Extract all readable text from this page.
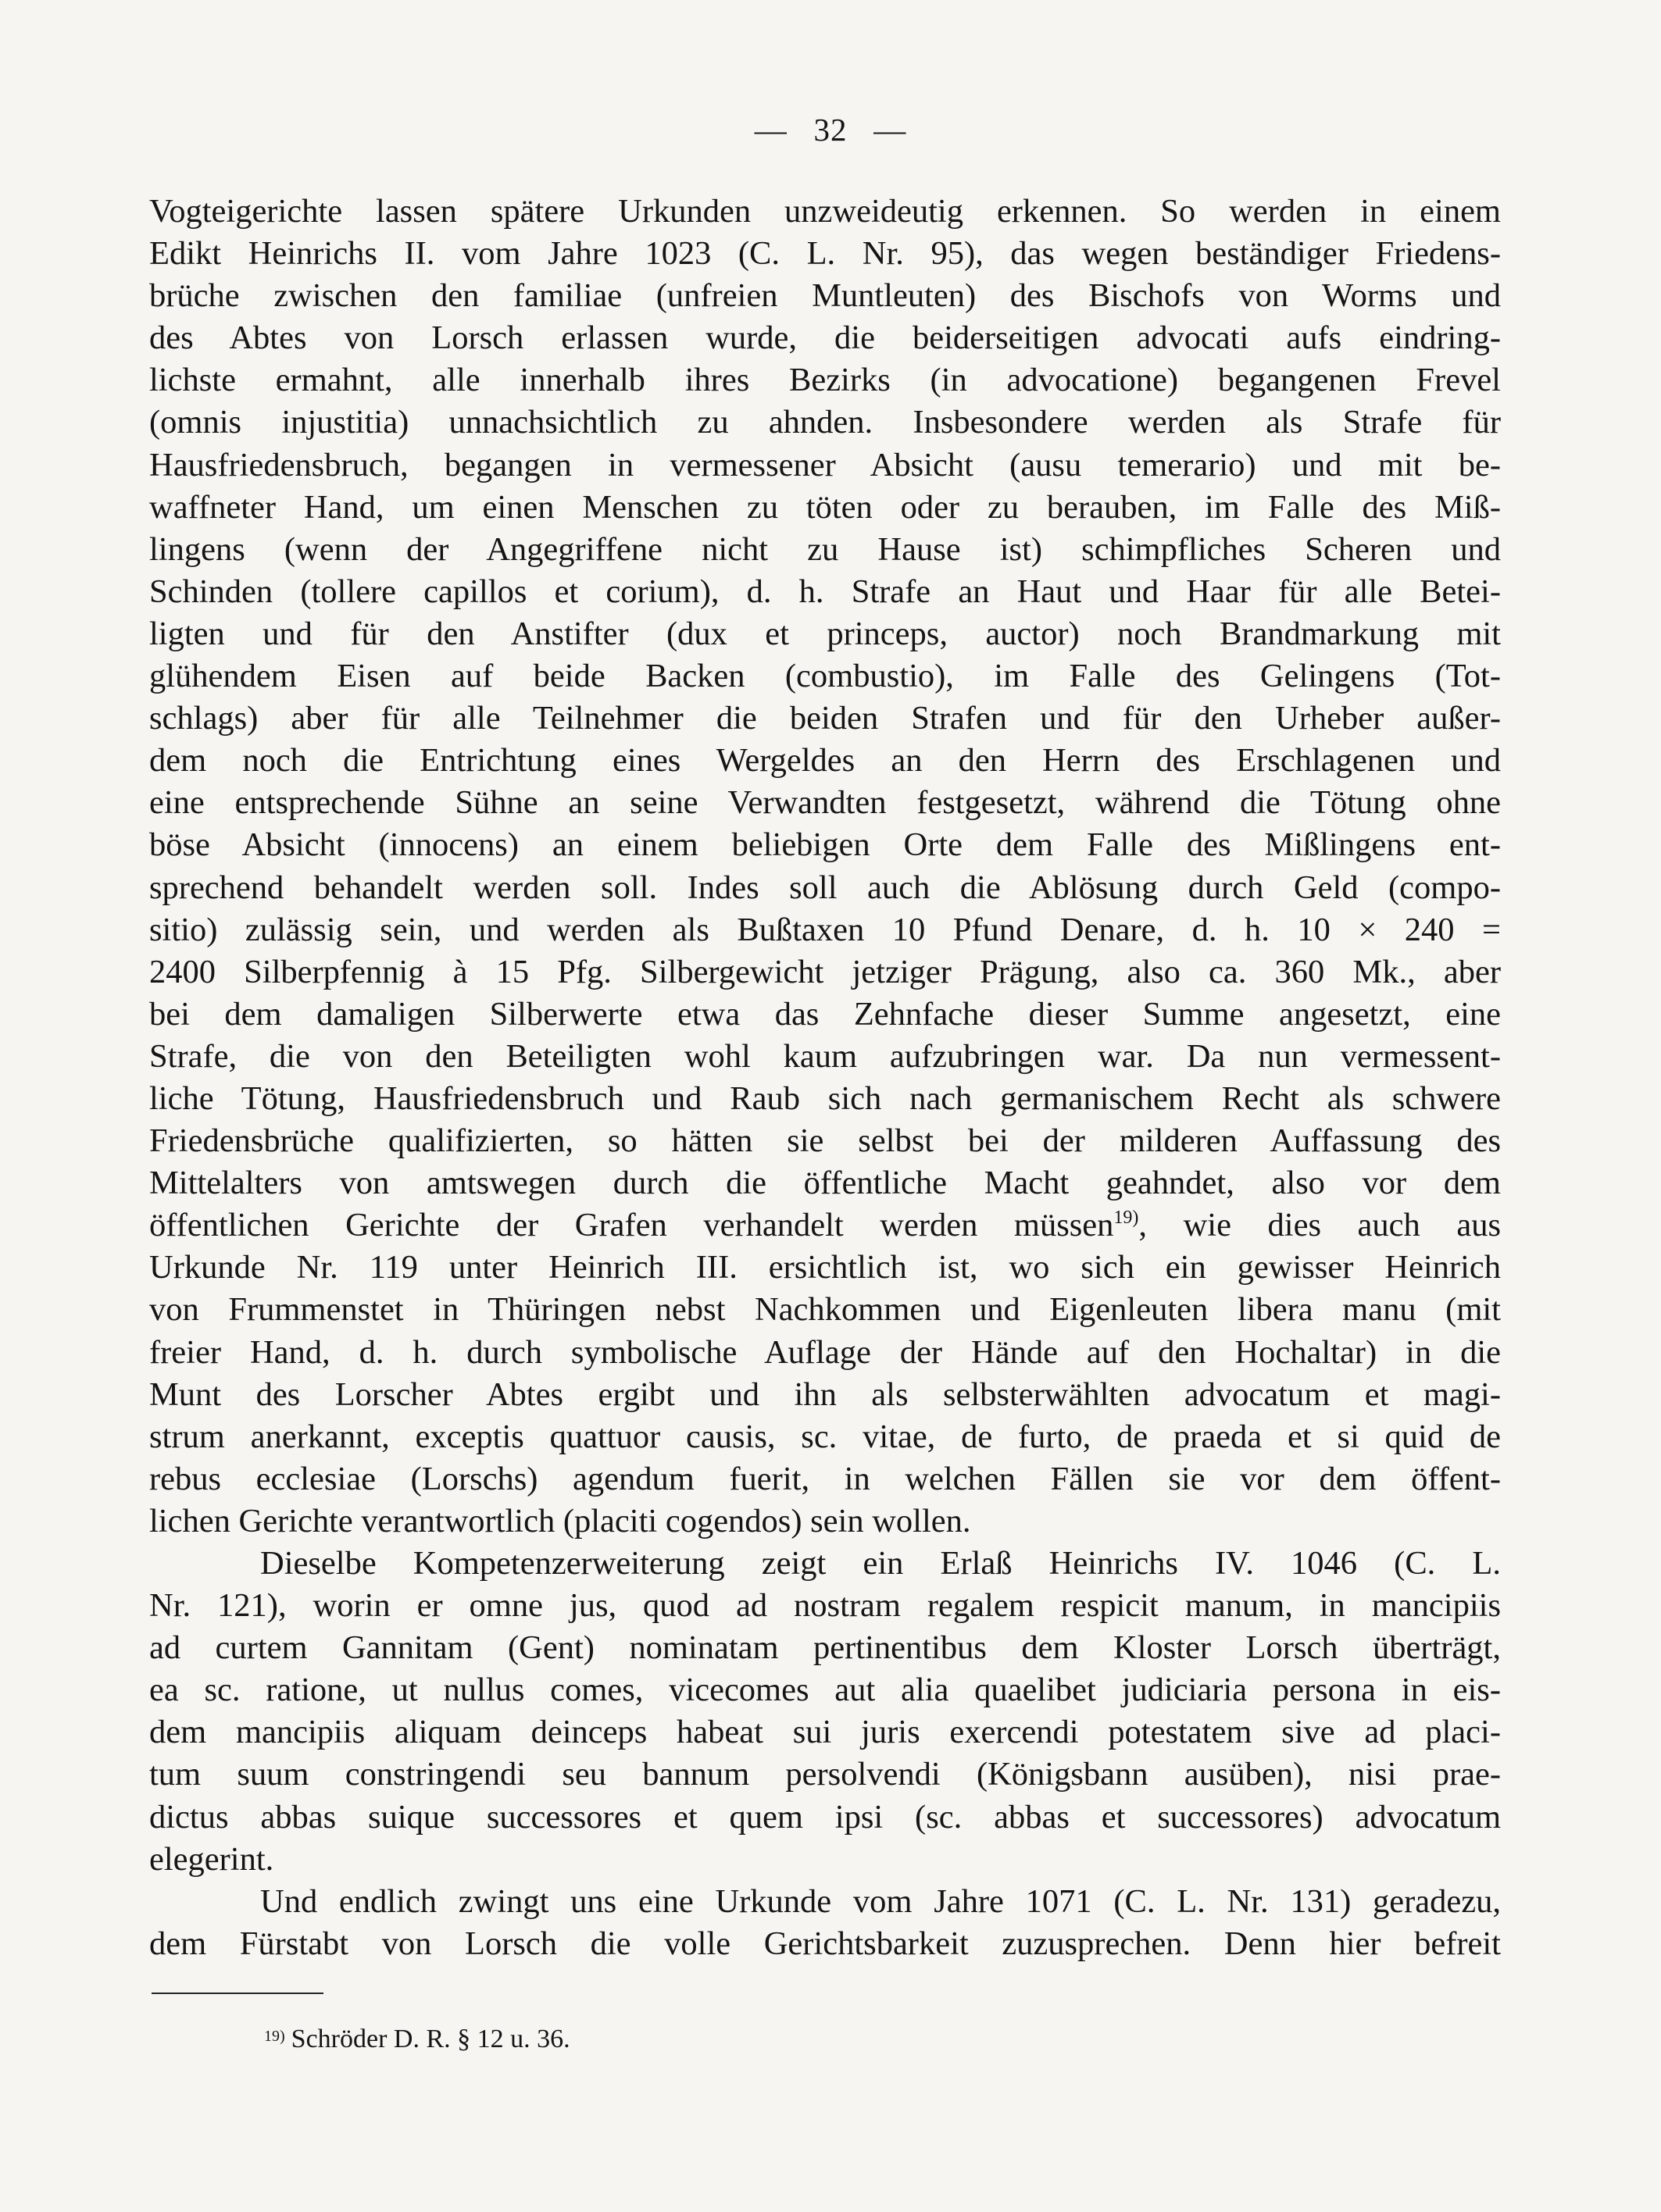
—   32   —
Vogteigerichte lassen spätere Urkunden unzweideutig erkennen. So werden in einem
Edikt Heinrichs II. vom Jahre 1023 (C. L. Nr. 95), das wegen beständiger Friedens-
brüche zwischen den familiae (unfreien Muntleuten) des Bischofs von Worms und
des Abtes von Lorsch erlassen wurde, die beiderseitigen advocati aufs eindring-
lichste ermahnt, alle innerhalb ihres Bezirks (in advocatione) begangenen Frevel
(omnis injustitia) unnachsichtlich zu ahnden. Insbesondere werden als Strafe für
Hausfriedensbruch, begangen in vermessener Absicht (ausu temerario) und mit be-
waffneter Hand, um einen Menschen zu töten oder zu berauben, im Falle des Miß-
lingens (wenn der Angegriffene nicht zu Hause ist) schimpfliches Scheren und
Schinden (tollere capillos et corium), d. h. Strafe an Haut und Haar für alle Betei-
ligten und für den Anstifter (dux et princeps, auctor) noch Brandmarkung mit
glühendem Eisen auf beide Backen (combustio), im Falle des Gelingens (Tot-
schlags) aber für alle Teilnehmer die beiden Strafen und für den Urheber außer-
dem noch die Entrichtung eines Wergeldes an den Herrn des Erschlagenen und
eine entsprechende Sühne an seine Verwandten festgesetzt, während die Tötung ohne
böse Absicht (innocens) an einem beliebigen Orte dem Falle des Mißlingens ent-
sprechend behandelt werden soll. Indes soll auch die Ablösung durch Geld (compo-
sitio) zulässig sein, und werden als Bußtaxen 10 Pfund Denare, d. h. 10 × 240 =
2400 Silberpfennig à 15 Pfg. Silbergewicht jetziger Prägung, also ca. 360 Mk., aber
bei dem damaligen Silberwerte etwa das Zehnfache dieser Summe angesetzt, eine
Strafe, die von den Beteiligten wohl kaum aufzubringen war. Da nun vermessent-
liche Tötung, Hausfriedensbruch und Raub sich nach germanischem Recht als schwere
Friedensbrüche qualifizierten, so hätten sie selbst bei der milderen Auffassung des
Mittelalters von amtswegen durch die öffentliche Macht geahndet, also vor dem
öffentlichen Gerichte der Grafen verhandelt werden müssen$^{19)}$, wie dies auch aus
Urkunde Nr. 119 unter Heinrich III. ersichtlich ist, wo sich ein gewisser Heinrich
von Frummenstet in Thüringen nebst Nachkommen und Eigenleuten libera manu (mit
freier Hand, d. h. durch symbolische Auflage der Hände auf den Hochaltar) in die
Munt des Lorscher Abtes ergibt und ihn als selbsterwählten advocatum et magi-
strum anerkannt, exceptis quattuor causis, sc. vitae, de furto, de praeda et si quid de
rebus ecclesiae (Lorschs) agendum fuerit, in welchen Fällen sie vor dem öffent-
lichen Gerichte verantwortlich (placiti cogendos) sein wollen.
Dieselbe Kompetenzerweiterung zeigt ein Erlaß Heinrichs IV. 1046 (C. L.
Nr. 121), worin er omne jus, quod ad nostram regalem respicit manum, in mancipiis
ad curtem Gannitam (Gent) nominatam pertinentibus dem Kloster Lorsch überträgt,
ea sc. ratione, ut nullus comes, vicecomes aut alia quaelibet judiciaria persona in eis-
dem mancipiis aliquam deinceps habeat sui juris exercendi potestatem sive ad placi-
tum suum constringendi seu bannum persolvendi (Königsbann ausüben), nisi prae-
dictus abbas suique successores et quem ipsi (sc. abbas et successores) advocatum
elegerint.
Und endlich zwingt uns eine Urkunde vom Jahre 1071 (C. L. Nr. 131) geradezu,
dem Fürstabt von Lorsch die volle Gerichtsbarkeit zuzusprechen. Denn hier befreit
$^{19)}$ Schröder D. R. § 12 u. 36.
